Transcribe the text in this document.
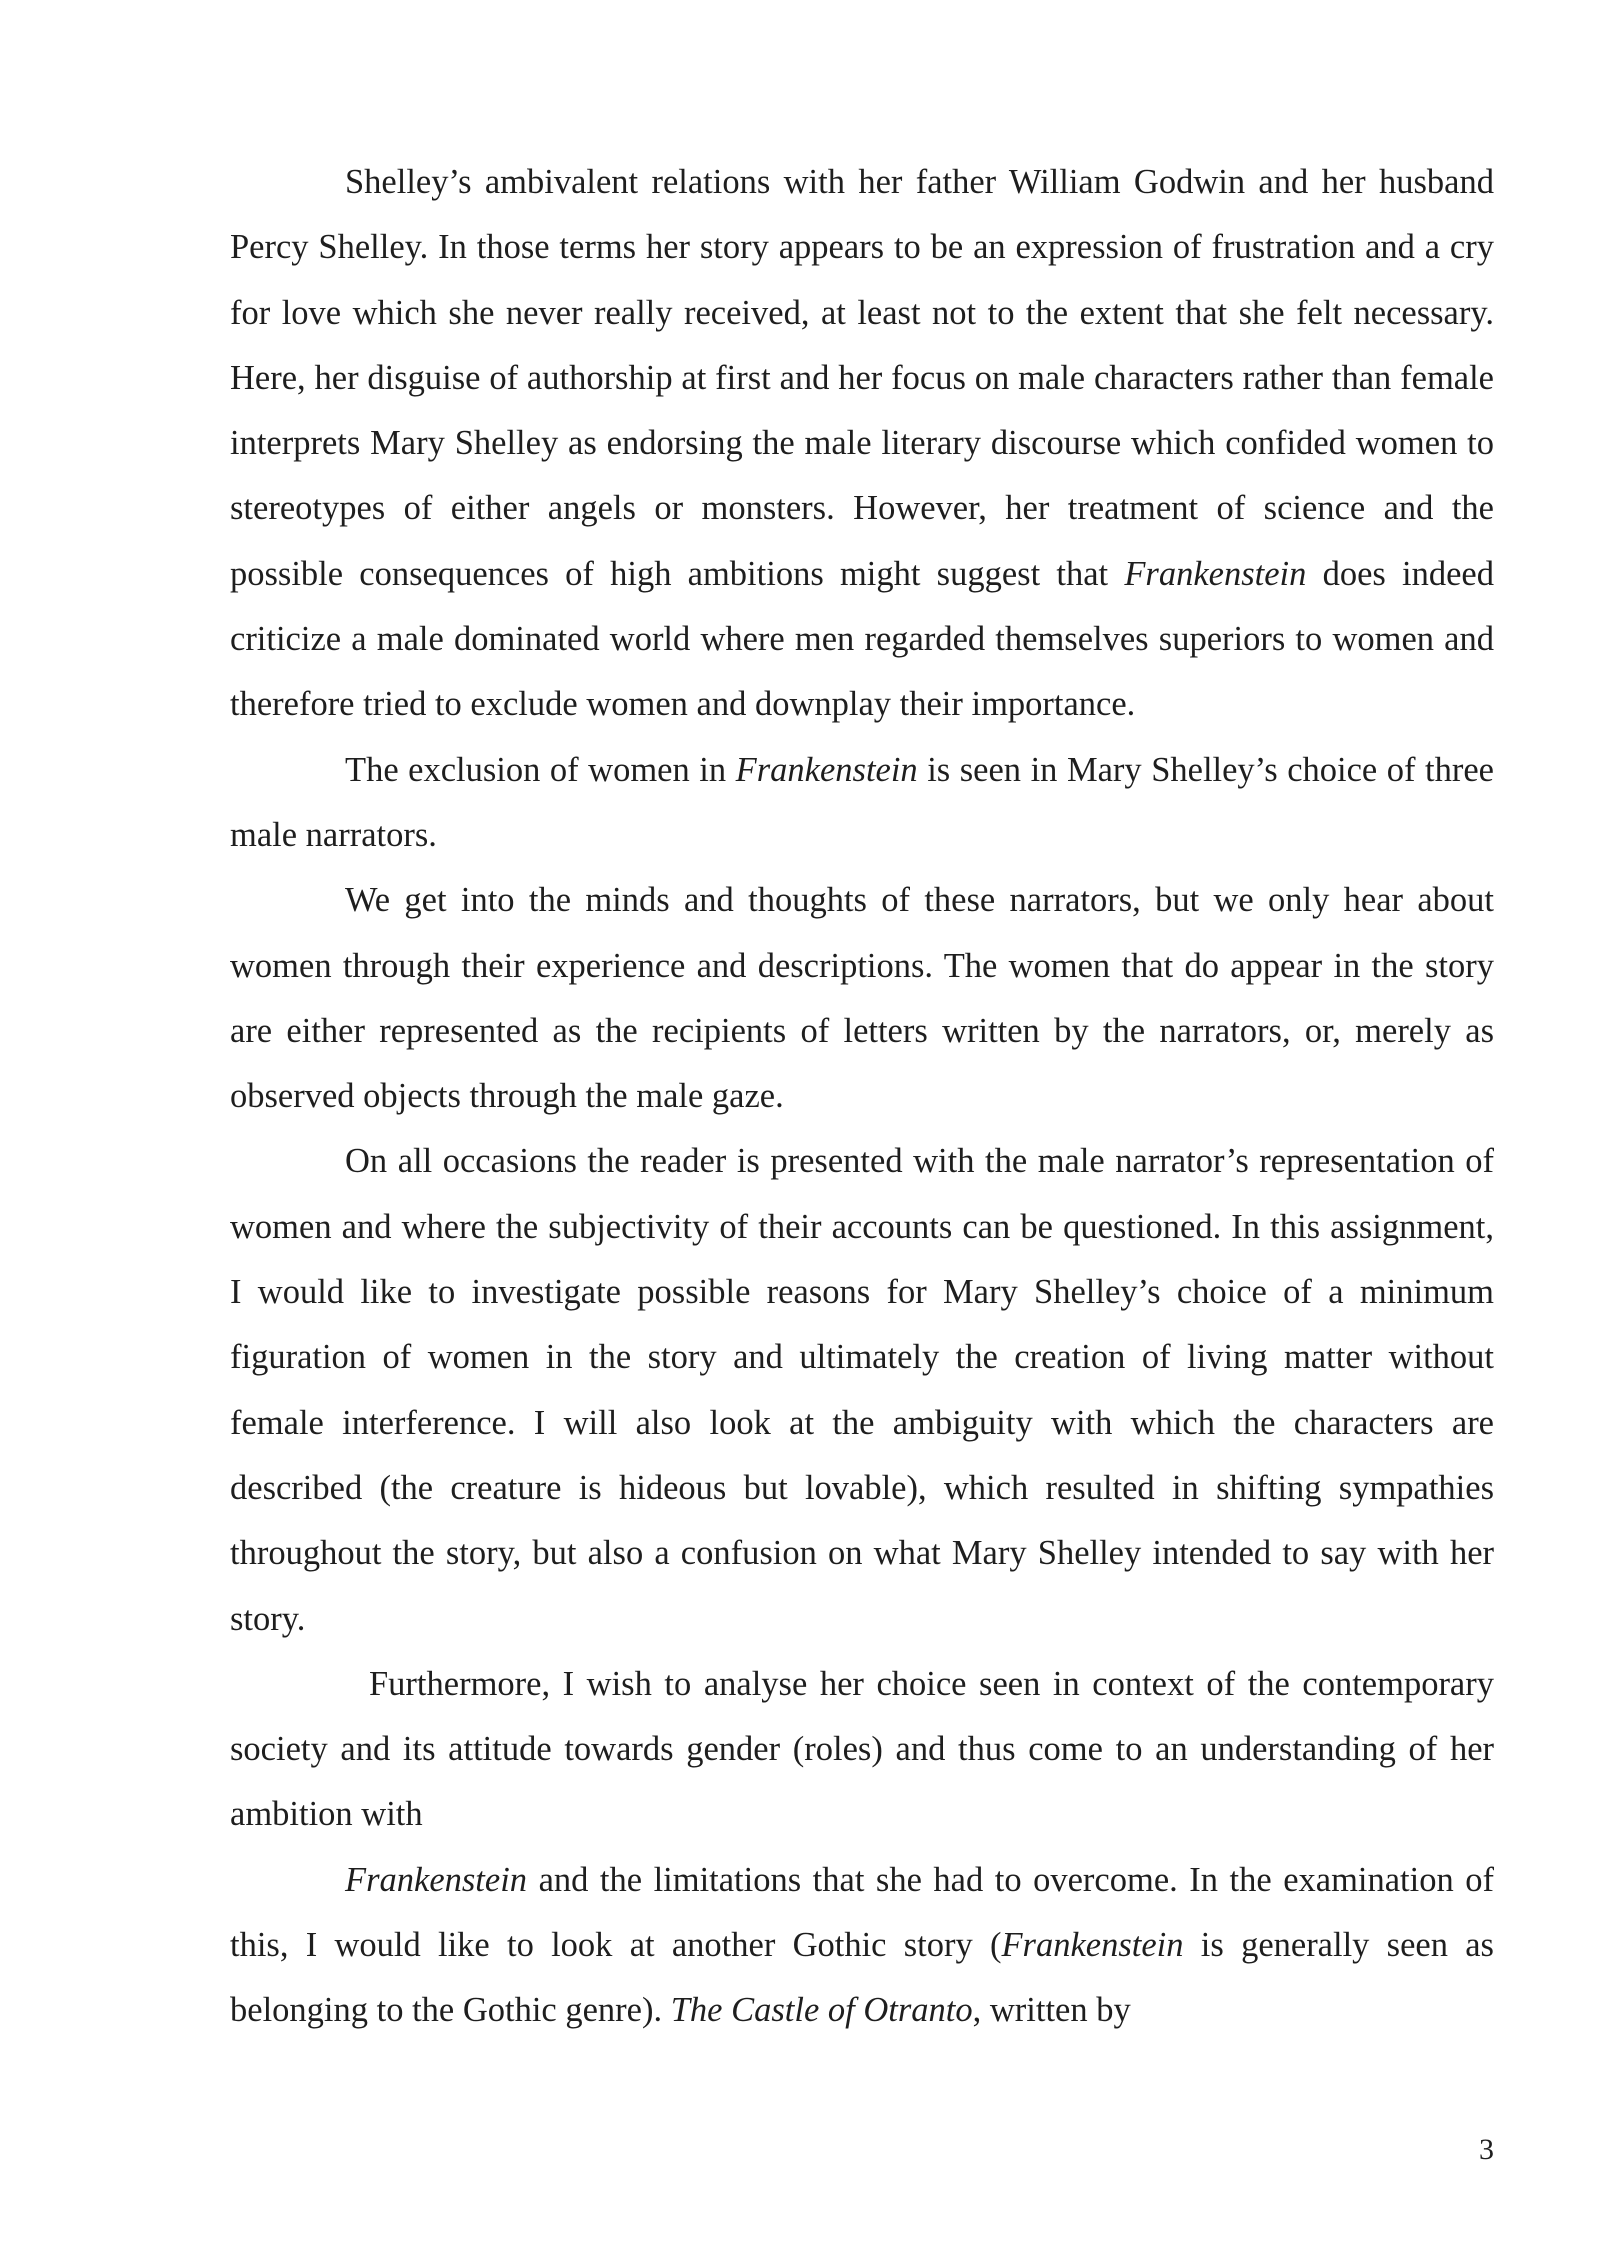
Shelley’s ambivalent relations with her father William Godwin and her husband Percy Shelley. In those terms her story appears to be an expression of frustration and a cry for love which she never really received, at least not to the extent that she felt necessary. Here, her disguise of authorship at first and her focus on male characters rather than female interprets Mary Shelley as endorsing the male literary discourse which confided women to stereotypes of either angels or monsters. However, her treatment of science and the possible consequences of high ambitions might suggest that Frankenstein does indeed criticize a male dominated world where men regarded themselves superiors to women and therefore tried to exclude women and downplay their importance.

The exclusion of women in Frankenstein is seen in Mary Shelley’s choice of three male narrators.

We get into the minds and thoughts of these narrators, but we only hear about women through their experience and descriptions. The women that do appear in the story are either represented as the recipients of letters written by the narrators, or, merely as observed objects through the male gaze.

On all occasions the reader is presented with the male narrator’s representation of women and where the subjectivity of their accounts can be questioned. In this assignment, I would like to investigate possible reasons for Mary Shelley’s choice of a minimum figuration of women in the story and ultimately the creation of living matter without female interference. I will also look at the ambiguity with which the characters are described (the creature is hideous but lovable), which resulted in shifting sympathies throughout the story, but also a confusion on what Mary Shelley intended to say with her story.

Furthermore, I wish to analyse her choice seen in context of the contemporary society and its attitude towards gender (roles) and thus come to an understanding of her ambition with

Frankenstein and the limitations that she had to overcome. In the examination of this, I would like to look at another Gothic story (Frankenstein is generally seen as belonging to the Gothic genre). The Castle of Otranto, written by

3
